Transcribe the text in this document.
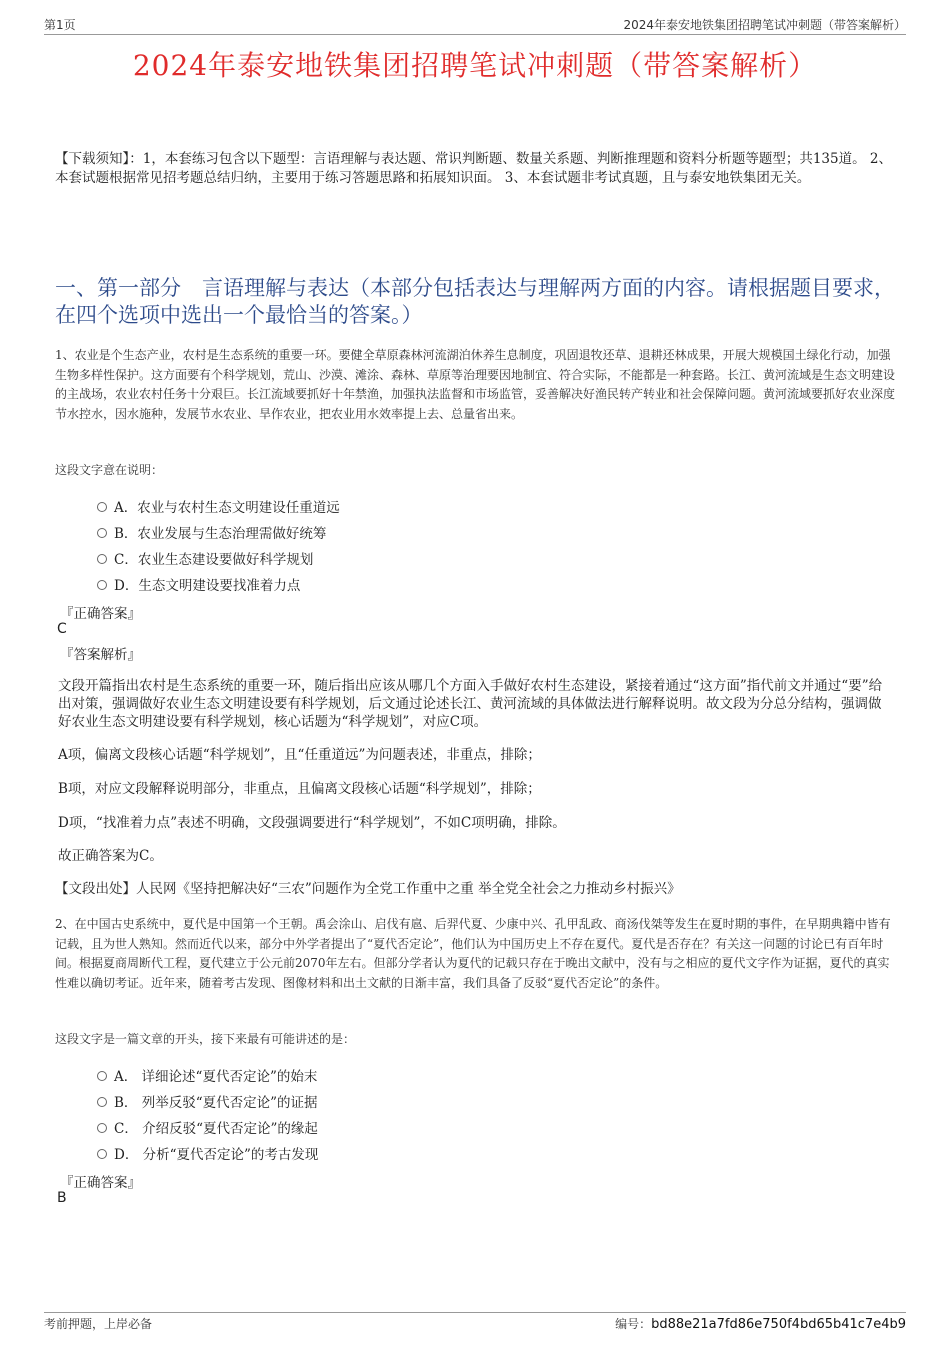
第1页	2024年泰安地铁集团招聘笔试冲刺题（带答案解析）
2024年泰安地铁集团招聘笔试冲刺题（带答案解析）
【下载须知】：1，本套练习包含以下题型：言语理解与表达题、常识判断题、数量关系题、判断推理题和资料分析题等题型；共135道。 2、本套试题根据常见招考题总结归纳，主要用于练习答题思路和拓展知识面。 3、本套试题非考试真题，且与泰安地铁集团无关。
一、第一部分　言语理解与表达（本部分包括表达与理解两方面的内容。请根据题目要求，在四个选项中选出一个最恰当的答案。）
1、农业是个生态产业，农村是生态系统的重要一环。要健全草原森林河流湖泊休养生息制度，巩固退牧还草、退耕还林成果，开展大规模国土绿化行动，加强生物多样性保护。这方面要有个科学规划，荒山、沙漠、滩涂、森林、草原等治理要因地制宜、符合实际，不能都是一种套路。长江、黄河流域是生态文明建设的主战场，农业农村任务十分艰巨。长江流域要抓好十年禁渔，加强执法监督和市场监管，妥善解决好渔民转产转业和社会保障问题。黄河流域要抓好农业深度节水控水，因水施种，发展节水农业、旱作农业，把农业用水效率提上去、总量省出来。
这段文字意在说明：
A．农业与农村生态文明建设任重道远
B．农业发展与生态治理需做好统筹
C．农业生态建设要做好科学规划
D．生态文明建设要找准着力点
『正确答案』
C
『答案解析』
文段开篇指出农村是生态系统的重要一环，随后指出应该从哪几个方面入手做好农村生态建设，紧接着通过“这方面”指代前文并通过“要”给出对策，强调做好农业生态文明建设要有科学规划，后文通过论述长江、黄河流域的具体做法进行解释说明。故文段为分总分结构，强调做好农业生态文明建设要有科学规划，核心话题为“科学规划”，对应C项。
A项，偏离文段核心话题“科学规划”，且“任重道远”为问题表述，非重点，排除；
B项，对应文段解释说明部分，非重点，且偏离文段核心话题“科学规划”，排除；
D项，“找准着力点”表述不明确，文段强调要进行“科学规划”，不如C项明确，排除。
故正确答案为C。
【文段出处】人民网《坚持把解决好“三农”问题作为全党工作重中之重 举全党全社会之力推动乡村振兴》
2、在中国古史系统中，夏代是中国第一个王朝。禹会涂山、启伐有扈、后羿代夏、少康中兴、孔甲乱政、商汤伐桀等发生在夏时期的事件，在早期典籍中皆有记载，且为世人熟知。然而近代以来，部分中外学者提出了“夏代否定论”，他们认为中国历史上不存在夏代。夏代是否存在？有关这一问题的讨论已有百年时间。根据夏商周断代工程，夏代建立于公元前2070年左右。但部分学者认为夏代的记载只存在于晚出文献中，没有与之相应的夏代文字作为证据，夏代的真实性难以确切考证。近年来，随着考古发现、图像材料和出土文献的日渐丰富，我们具备了反驳“夏代否定论”的条件。
这段文字是一篇文章的开头，接下来最有可能讲述的是：
A． 详细论述“夏代否定论”的始末
B． 列举反驳“夏代否定论”的证据
C． 介绍反驳“夏代否定论”的缘起
D． 分析“夏代否定论”的考古发现
『正确答案』
B
考前押题，上岸必备	编号：bd88e21a7fd86e750f4bd65b41c7e4b9
